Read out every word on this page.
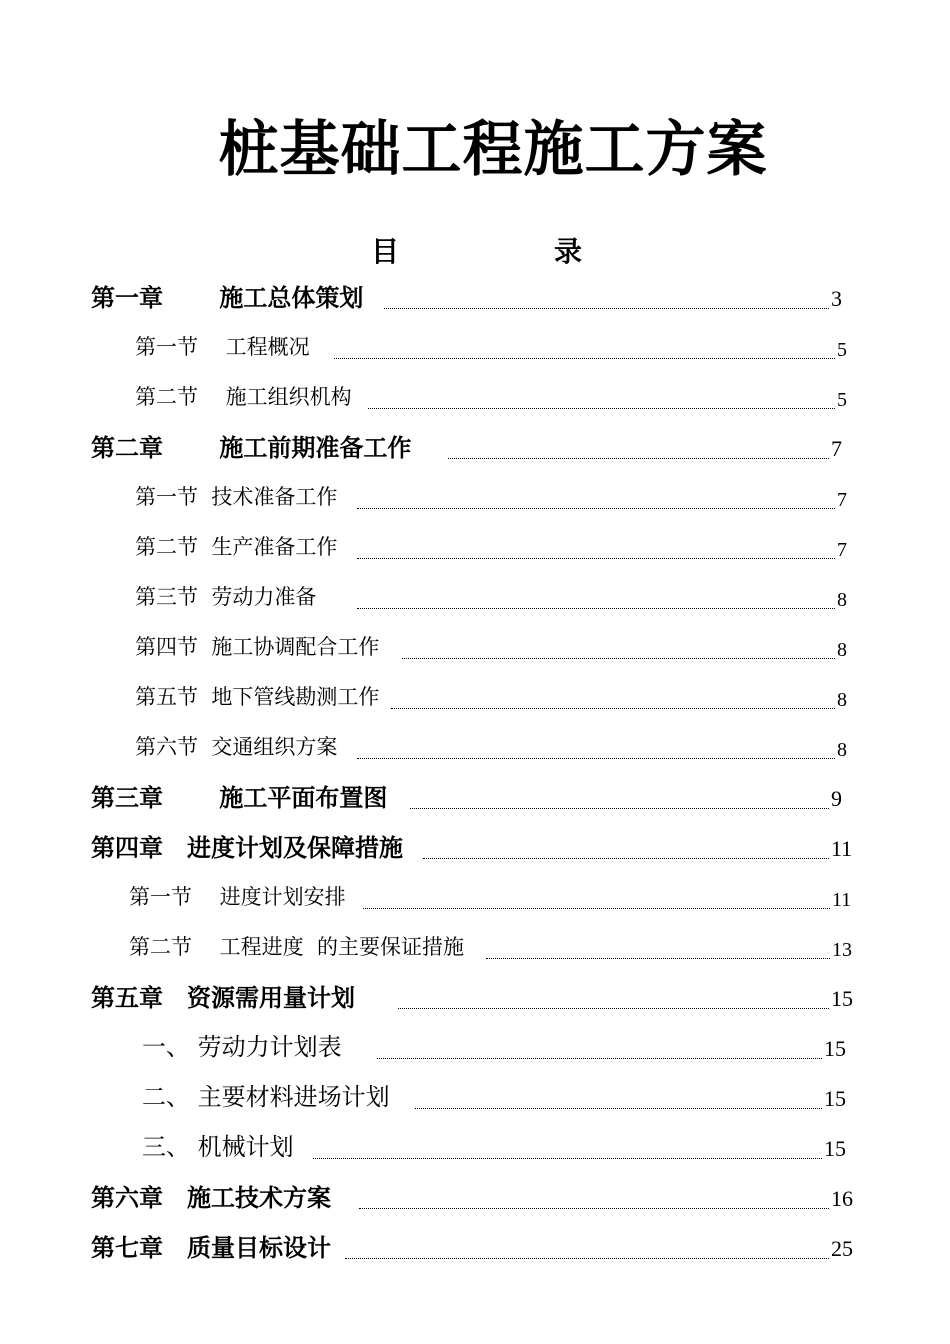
桩基础工程施工方案
目	录
第一章 　　施工总体策划	3
第一节　 工程概况	5
第二节　 施工组织机构	5
第二章 　　施工前期准备工作	7
第一节  技术准备工作	7
第二节  生产准备工作	7
第三节  劳动力准备	8
第四节  施工协调配合工作	8
第五节  地下管线勘测工作	8
第六节  交通组织方案	8
第三章 　　施工平面布置图	9
第四章　进度计划及保障措施	11
第一节　 进度计划安排	11
第二节　 工程进度  的主要保证措施	13
第五章　资源需用量计划	15
一、 劳动力计划表	15
二、 主要材料进场计划	15
三、 机械计划	15
第六章　施工技术方案	16
第七章　质量目标设计	25
